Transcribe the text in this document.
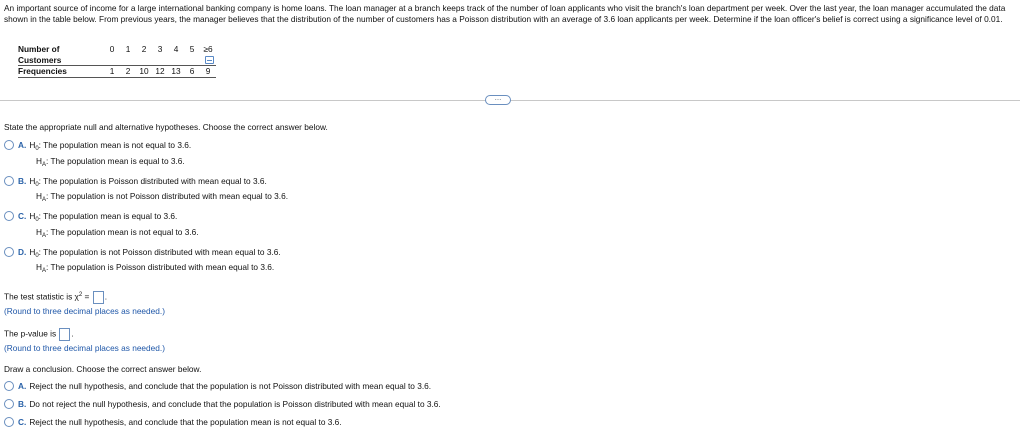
An important source of income for a large international banking company is home loans. The loan manager at a branch keeps track of the number of loan applicants who visit the branch's loan department per week. Over the last year, the loan manager accumulated the data shown in the table below. From previous years, the manager believes that the distribution of the number of customers has a Poisson distribution with an average of 3.6 loan applicants per week. Determine if the loan officer's belief is correct using a significance level of 0.01.
Number of
Customers	0	1	2	3	4	5	≥6
Frequencies	1	2	10	12	13	6	9
…
State the appropriate null and alternative hypotheses. Choose the correct answer below.
A. $H_0$: The population mean is not equal to 3.6.
$H_A$: The population mean is equal to 3.6.
B. $H_0$: The population is Poisson distributed with mean equal to 3.6.
$H_A$: The population is not Poisson distributed with mean equal to 3.6.
C. $H_0$: The population mean is equal to 3.6.
$H_A$: The population mean is not equal to 3.6.
D. $H_0$: The population is not Poisson distributed with mean equal to 3.6.
$H_A$: The population is Poisson distributed with mean equal to 3.6.
The test statistic is $\chi^2$ = .
(Round to three decimal places as needed.)
The p-value is .
(Round to three decimal places as needed.)
Draw a conclusion. Choose the correct answer below.
A. Reject the null hypothesis, and conclude that the population is not Poisson distributed with mean equal to 3.6.
B. Do not reject the null hypothesis, and conclude that the population is Poisson distributed with mean equal to 3.6.
C. Reject the null hypothesis, and conclude that the population mean is not equal to 3.6.
